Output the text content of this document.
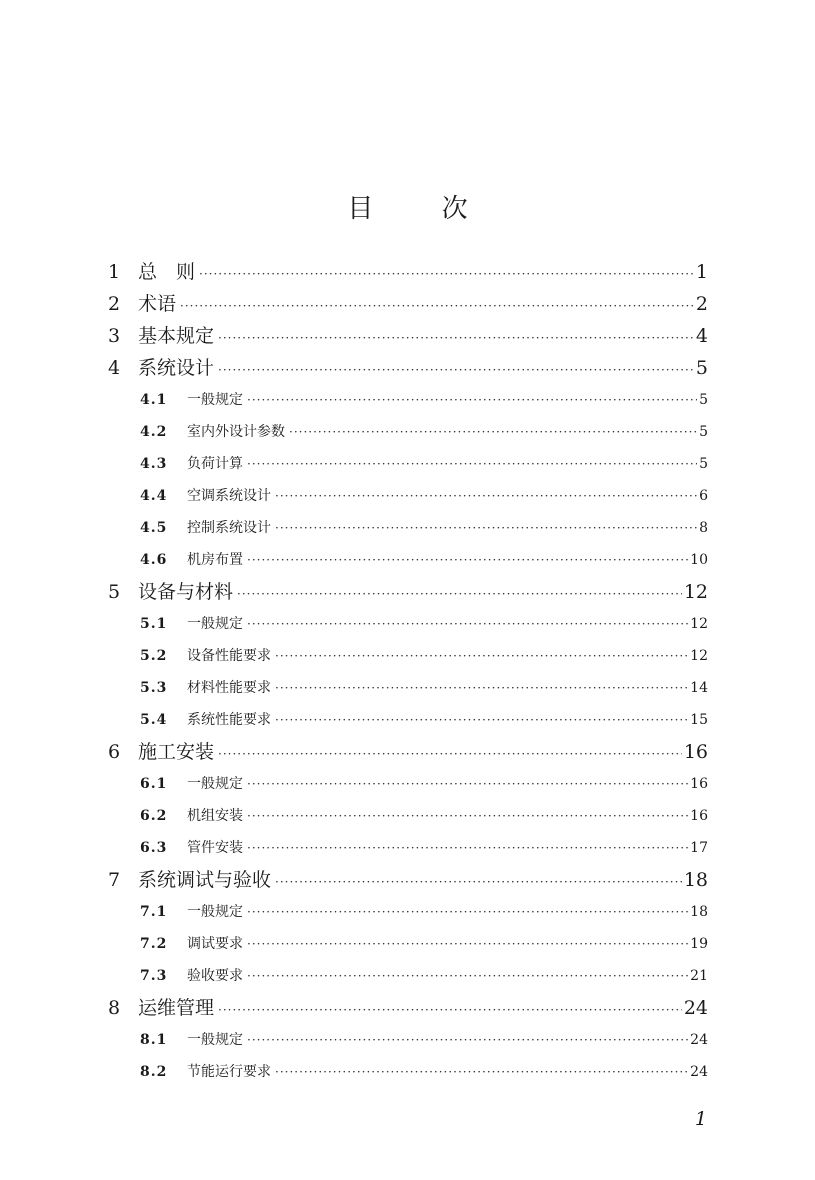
目 次
1 总　则 ·····	1
2 术语 ·····	2
3 基本规定 ·····	4
4 系统设计 ·····	5
4.1	一般规定 ·····	5
4.2	室内外设计参数 ·····	5
4.3	负荷计算 ·····	5
4.4	空调系统设计 ·····	6
4.5	控制系统设计 ·····	8
4.6	机房布置 ·····	10
5 设备与材料 ·····	12
5.1	一般规定 ·····	12
5.2	设备性能要求 ·····	12
5.3	材料性能要求 ·····	14
5.4	系统性能要求 ·····	15
6 施工安装 ·····	16
6.1	一般规定 ·····	16
6.2	机组安装 ·····	16
6.3	管件安装 ·····	17
7 系统调试与验收 ·····	18
7.1	一般规定 ·····	18
7.2	调试要求 ·····	19
7.3	验收要求 ·····	21
8 运维管理 ·····	24
8.1	一般规定 ·····	24
8.2	节能运行要求 ·····	24
1
